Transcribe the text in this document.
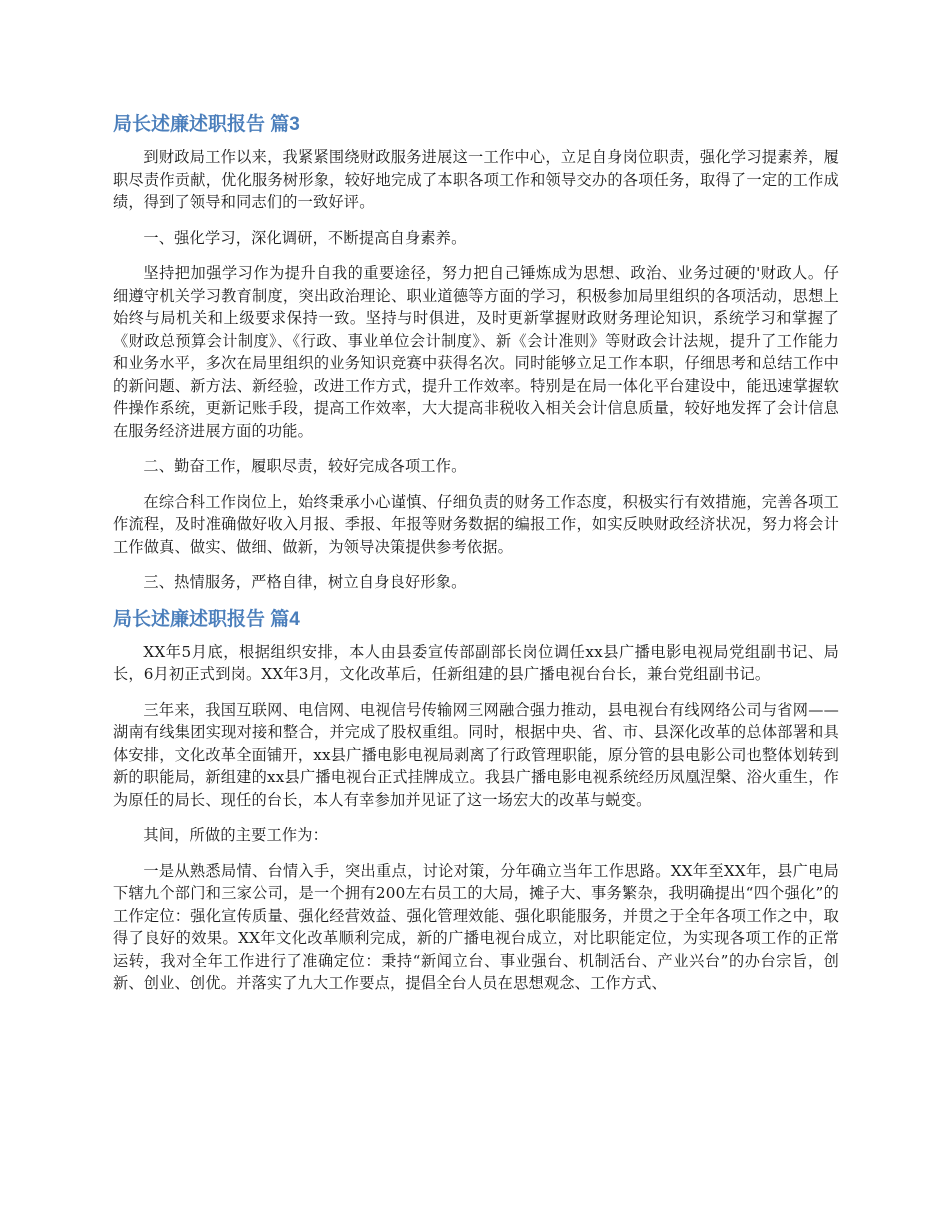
局长述廉述职报告 篇3

到财政局工作以来，我紧紧围绕财政服务进展这一工作中心，立足自身岗位职责，强化学习提素养，履职尽责作贡献，优化服务树形象，较好地完成了本职各项工作和领导交办的各项任务，取得了一定的工作成绩，得到了领导和同志们的一致好评。

一、强化学习，深化调研，不断提高自身素养。

坚持把加强学习作为提升自我的重要途径，努力把自己锤炼成为思想、政治、业务过硬的'财政人。仔细遵守机关学习教育制度，突出政治理论、职业道德等方面的学习，积极参加局里组织的各项活动，思想上始终与局机关和上级要求保持一致。坚持与时俱进，及时更新掌握财政财务理论知识，系统学习和掌握了《财政总预算会计制度》、《行政、事业单位会计制度》、新《会计准则》等财政会计法规，提升了工作能力和业务水平，多次在局里组织的业务知识竞赛中获得名次。同时能够立足工作本职，仔细思考和总结工作中的新问题、新方法、新经验，改进工作方式，提升工作效率。特别是在局一体化平台建设中，能迅速掌握软件操作系统，更新记账手段，提高工作效率，大大提高非税收入相关会计信息质量，较好地发挥了会计信息在服务经济进展方面的功能。

二、勤奋工作，履职尽责，较好完成各项工作。

在综合科工作岗位上，始终秉承小心谨慎、仔细负责的财务工作态度，积极实行有效措施，完善各项工作流程，及时准确做好收入月报、季报、年报等财务数据的编报工作，如实反映财政经济状况，努力将会计工作做真、做实、做细、做新，为领导决策提供参考依据。

三、热情服务，严格自律，树立自身良好形象。

局长述廉述职报告 篇4

XX年5月底，根据组织安排，本人由县委宣传部副部长岗位调任xx县广播电影电视局党组副书记、局长，6月初正式到岗。XX年3月，文化改革后，任新组建的县广播电视台台长，兼台党组副书记。

三年来，我国互联网、电信网、电视信号传输网三网融合强力推动，县电视台有线网络公司与省网——湖南有线集团实现对接和整合，并完成了股权重组。同时，根据中央、省、市、县深化改革的总体部署和具体安排，文化改革全面铺开，xx县广播电影电视局剥离了行政管理职能，原分管的县电影公司也整体划转到新的职能局，新组建的xx县广播电视台正式挂牌成立。我县广播电影电视系统经历凤凰涅槃、浴火重生，作为原任的局长、现任的台长，本人有幸参加并见证了这一场宏大的改革与蜕变。

其间，所做的主要工作为：

一是从熟悉局情、台情入手，突出重点，讨论对策，分年确立当年工作思路。XX年至XX年，县广电局下辖九个部门和三家公司，是一个拥有200左右员工的大局，摊子大、事务繁杂，我明确提出“四个强化”的工作定位：强化宣传质量、强化经营效益、强化管理效能、强化职能服务，并贯之于全年各项工作之中，取得了良好的效果。XX年文化改革顺利完成，新的广播电视台成立，对比职能定位，为实现各项工作的正常运转，我对全年工作进行了准确定位：秉持“新闻立台、事业强台、机制活台、产业兴台”的办台宗旨，创新、创业、创优。并落实了九大工作要点，提倡全台人员在思想观念、工作方式、
